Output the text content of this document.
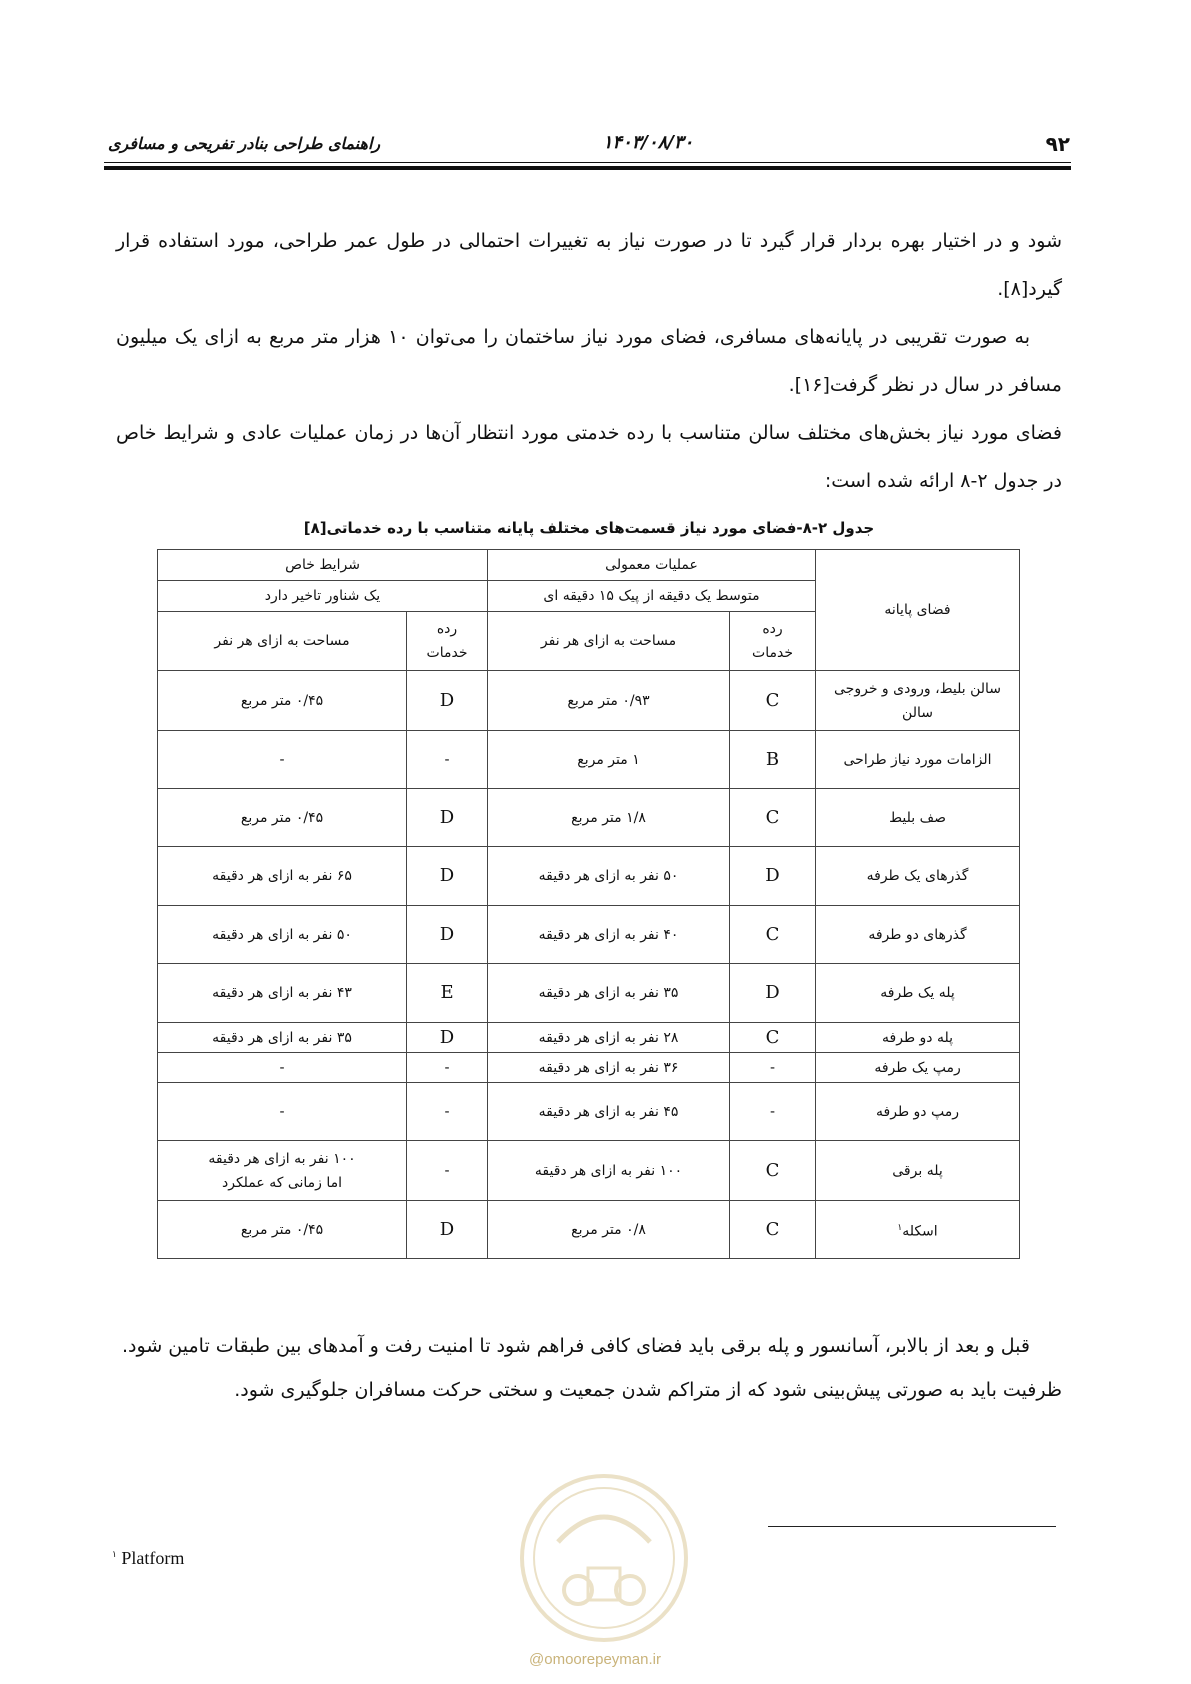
۹۲
۱۴۰۳/۰۸/۳۰
راهنمای طراحی بنادر تفریحی و مسافری
شود و در اختیار بهره بردار قرار گیرد تا در صورت نیاز به تغییرات احتمالی در طول عمر طراحی، مورد استفاده قرار گیرد[۸].
به صورت تقریبی در پایانه‌های مسافری، فضای مورد نیاز ساختمان را می‌توان ۱۰ هزار متر مربع به ازای یک میلیون مسافر در سال در نظر گرفت[۱۶].
فضای مورد نیاز بخش‌های مختلف سالن متناسب با رده خدمتی مورد انتظار آن‌ها در زمان عملیات عادی و شرایط خاص در جدول ۲-۸ ارائه شده است:
جدول ۲-۸-فضای مورد نیاز قسمت‌های مختلف پایانه متناسب با رده خدماتی[۸]
فضای پایانه	عملیات معمولی		شرایط خاص	
	متوسط یک دقیقه از پیک ۱۵ دقیقه ای		یک شناور تاخیر دارد	
	رده خدمات	مساحت به ازای هر نفر	رده خدمات	مساحت به ازای هر نفر
سالن بلیط، ورودی و خروجی سالن	C	۰/۹۳ متر مربع	D	۰/۴۵ متر مربع
الزامات مورد نیاز طراحی	B	۱ متر مربع	-	-
صف بلیط	C	۱/۸ متر مربع	D	۰/۴۵ متر مربع
گذرهای یک طرفه	D	۵۰ نفر به ازای هر دقیقه	D	۶۵ نفر به ازای هر دقیقه
گذرهای دو طرفه	C	۴۰ نفر به ازای هر دقیقه	D	۵۰ نفر به ازای هر دقیقه
پله یک طرفه	D	۳۵ نفر به ازای هر دقیقه	E	۴۳ نفر به ازای هر دقیقه
پله دو طرفه	C	۲۸ نفر به ازای هر دقیقه	D	۳۵ نفر به ازای هر دقیقه
رمپ یک طرفه	-	۳۶ نفر به ازای هر دقیقه	-	-
رمپ دو طرفه	-	۴۵ نفر به ازای هر دقیقه	-	-
پله برقی	C	۱۰۰ نفر به ازای هر دقیقه	-	۱۰۰ نفر به ازای هر دقیقه
اما زمانی که عملکرد

اسکله$^۱$	C	۰/۸ متر مربع	D	۰/۴۵ متر مربع
قبل و بعد از بالابر، آسانسور و پله برقی باید فضای کافی فراهم شود تا امنیت رفت و آمدهای بین طبقات تامین شود.
ظرفیت باید به صورتی پیش‌بینی شود که از متراکم شدن جمعیت و سختی حرکت مسافران جلوگیری شود.
@omoorepeyman.ir
$^۱$ Platform
